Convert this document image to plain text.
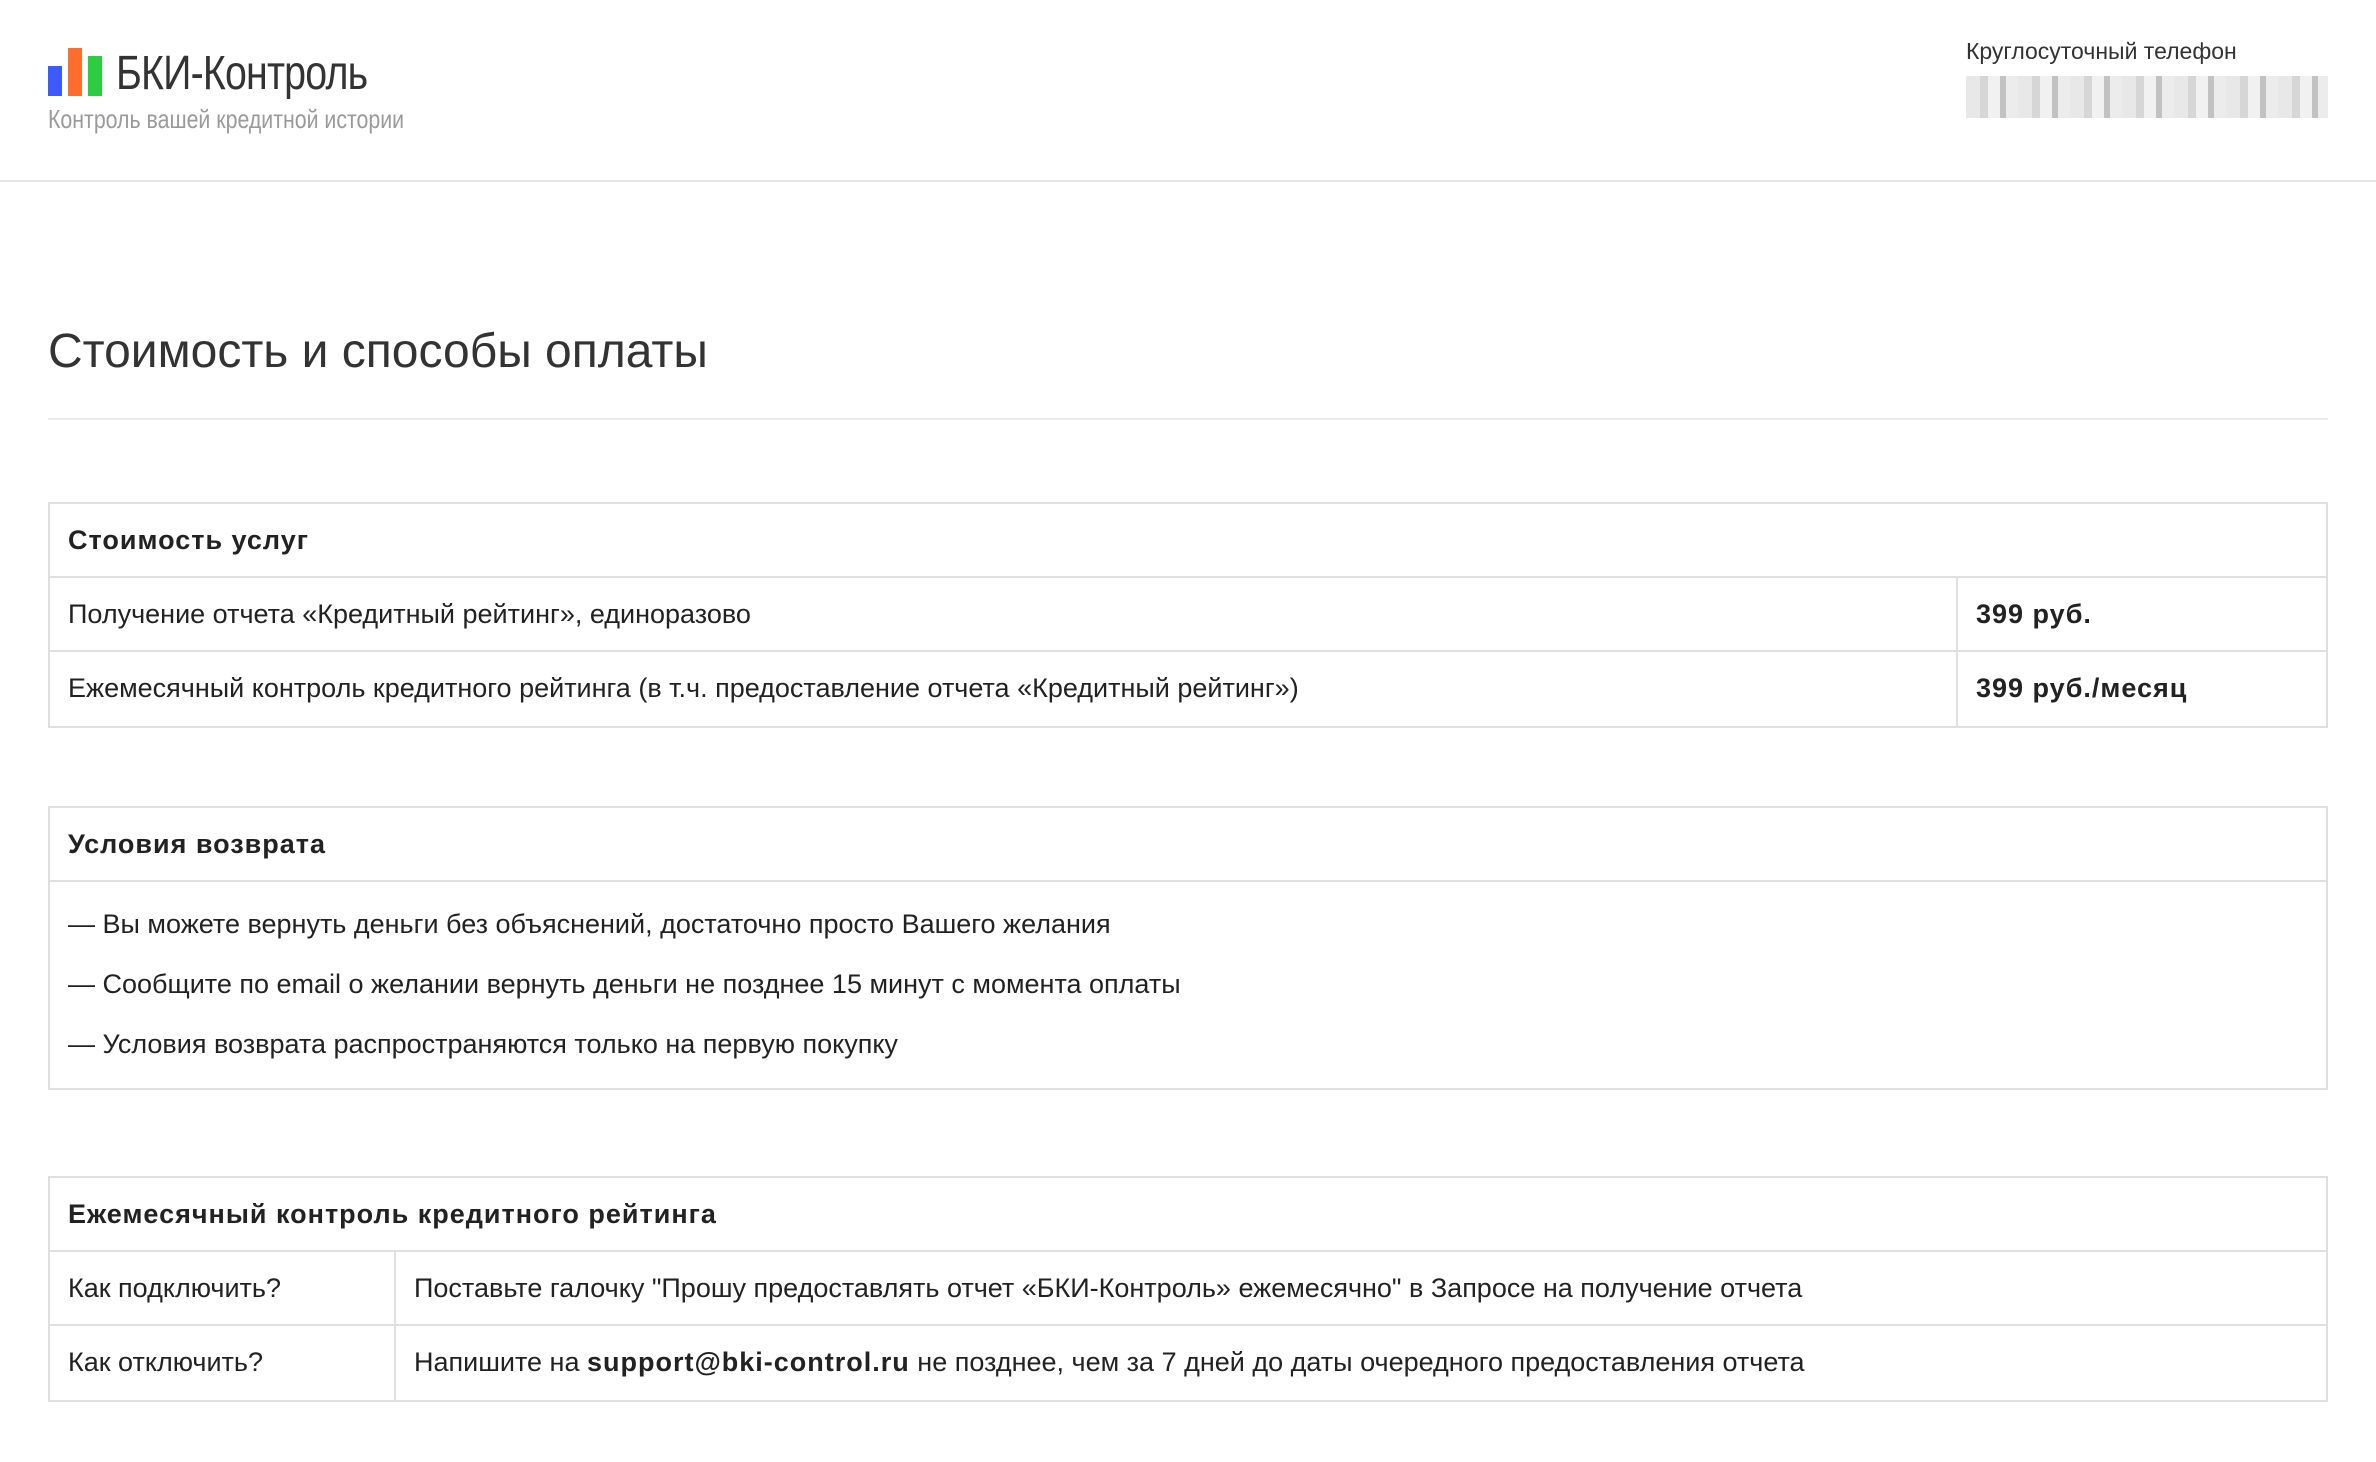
БКИ-Контроль
Контроль вашей кредитной истории
Круглосуточный телефон
Стоимость и способы оплаты
Стоимость услуг
Получение отчета «Кредитный рейтинг», единоразово	399 руб.
Ежемесячный контроль кредитного рейтинга (в т.ч. предоставление отчета «Кредитный рейтинг»)	399 руб./месяц
Условия возврата
— Вы можете вернуть деньги без объяснений, достаточно просто Вашего желания
— Сообщите по email о желании вернуть деньги не позднее 15 минут с момента оплаты
— Условия возврата распространяются только на первую покупку
Ежемесячный контроль кредитного рейтинга
Как подключить?	Поставьте галочку "Прошу предоставлять отчет «БКИ-Контроль» ежемесячно" в Запросе на получение отчета
Как отключить?	Напишите на support@bki-control.ru не позднее, чем за 7 дней до даты очередного предоставления отчета
